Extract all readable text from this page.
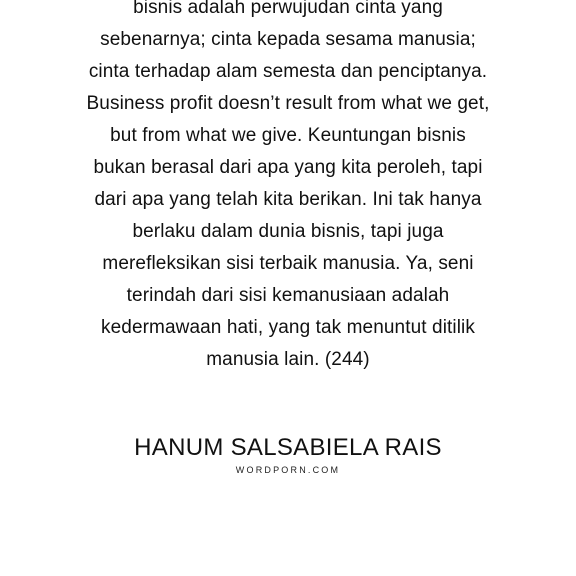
bisnis adalah perwujudan cinta yang
sebenarnya; cinta kepada sesama manusia;
cinta terhadap alam semesta dan penciptanya.
Business profit doesn’t result from what we get,
but from what we give. Keuntungan bisnis
bukan berasal dari apa yang kita peroleh, tapi
dari apa yang telah kita berikan. Ini tak hanya
berlaku dalam dunia bisnis, tapi juga
merefleksikan sisi terbaik manusia. Ya, seni
terindah dari sisi kemanusiaan adalah
kedermawaan hati, yang tak menuntut ditilik
manusia lain. (244)

HANUM SALSABIELA RAIS
WORDPORN.COM
